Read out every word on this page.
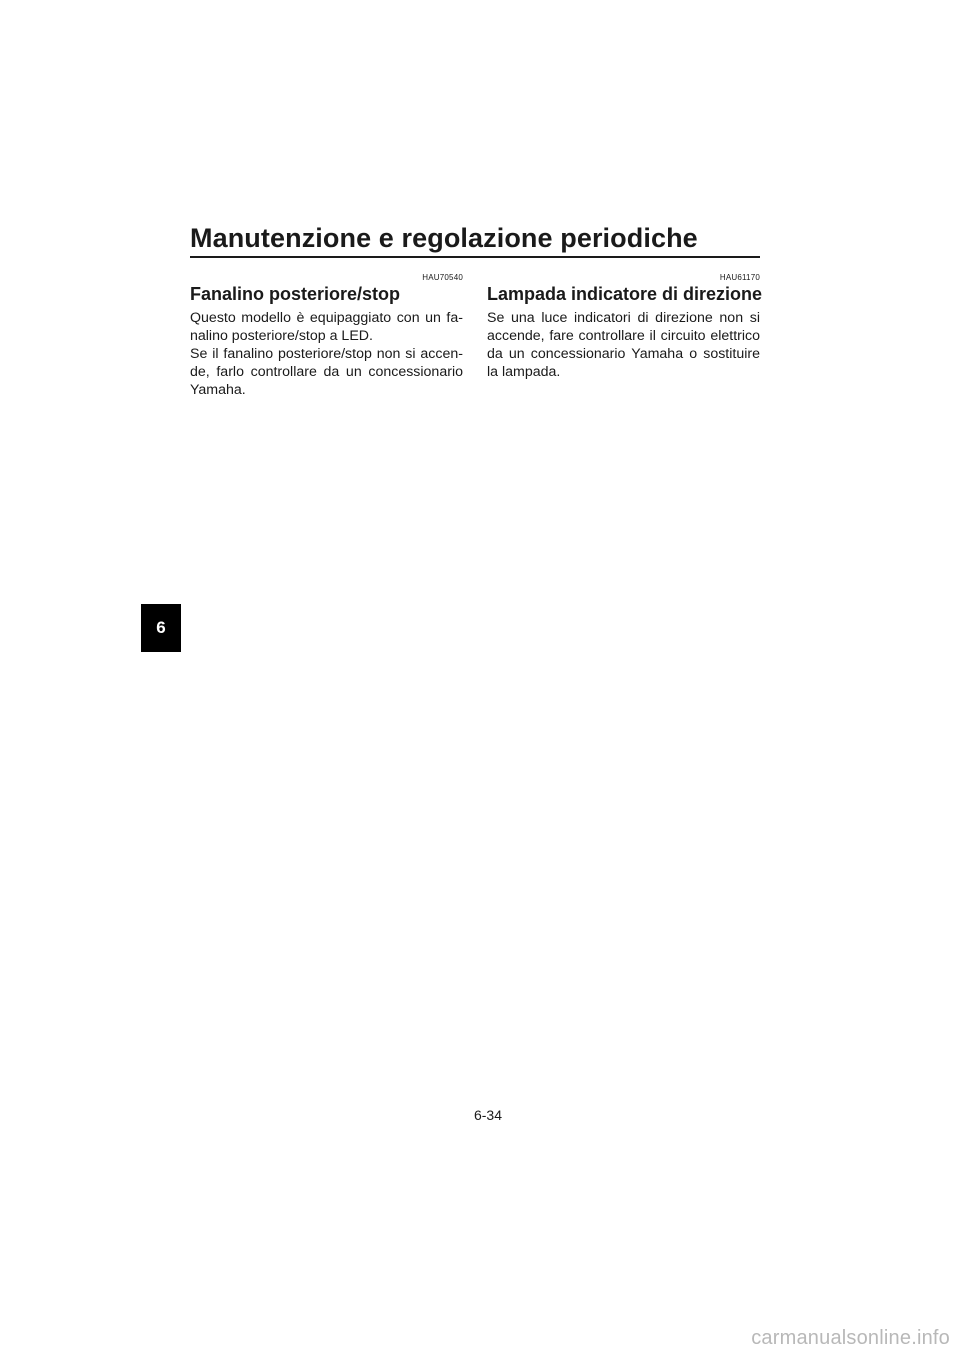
Manutenzione e regolazione periodiche
6
HAU70540
Fanalino posteriore/stop

Questo modello è equipaggiato con un fa-
nalino posteriore/stop a LED.
Se il fanalino posteriore/stop non si accen-
de, farlo controllare da un concessionario
Yamaha.

HAU61170
Lampada indicatore di direzione

Se una luce indicatori di direzione non si
accende, fare controllare il circuito elettrico
da un concessionario Yamaha o sostituire
la lampada.

6-34
carmanualsonline.info
